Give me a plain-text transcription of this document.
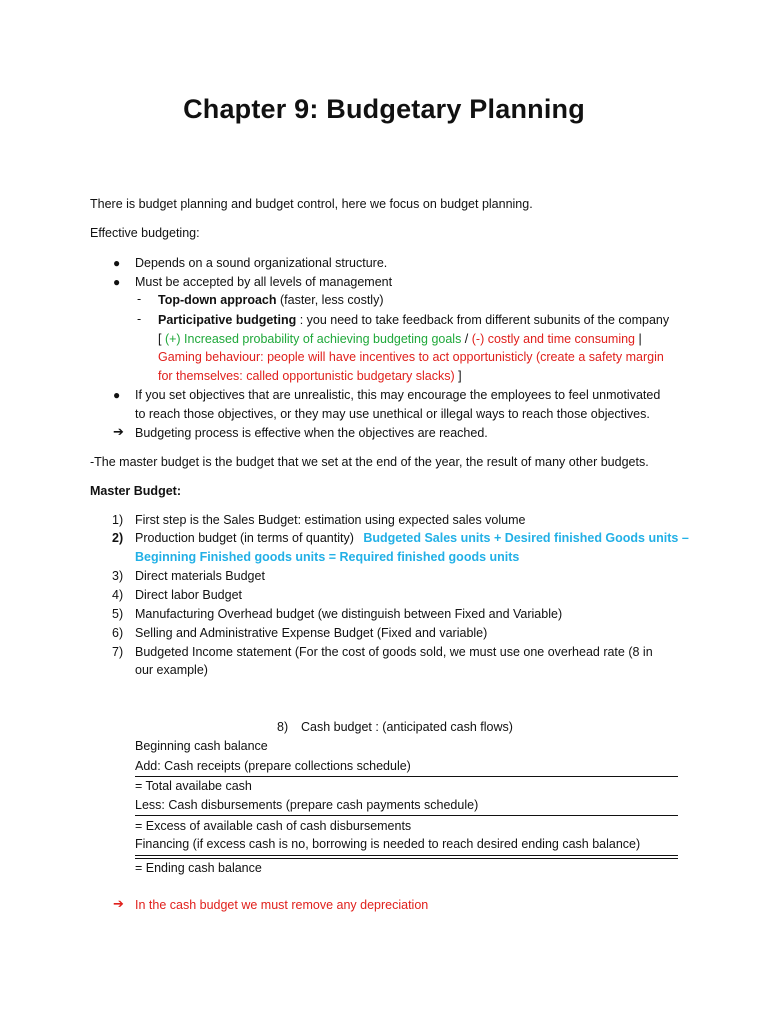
Chapter 9: Budgetary Planning
There is budget planning and budget control, here we focus on budget planning.
Effective budgeting:
● Depends on a sound organizational structure.
● Must be accepted by all levels of management
- Top-down approach (faster, less costly)
- Participative budgeting : you need to take feedback from different subunits of the company
[ (+) Increased probability of achieving budgeting goals / (-) costly and time consuming |
Gaming behaviour: people will have incentives to act opportunisticly (create a safety margin
for themselves: called opportunistic budgetary slacks) ]
● If you set objectives that are unrealistic, this may encourage the employees to feel unmotivated
to reach those objectives, or they may use unethical or illegal ways to reach those objectives.
➔ Budgeting process is effective when the objectives are reached.
-The master budget is the budget that we set at the end of the year, the result of many other budgets.
Master Budget:
1) First step is the Sales Budget: estimation using expected sales volume
2) Production budget (in terms of quantity) Budgeted Sales units + Desired finished Goods units –
Beginning Finished goods units = Required finished goods units
3) Direct materials Budget
4) Direct labor Budget
5) Manufacturing Overhead budget (we distinguish between Fixed and Variable)
6) Selling and Administrative Expense Budget (Fixed and variable)
7) Budgeted Income statement (For the cost of goods sold, we must use one overhead rate (8 in
our example)
8) Cash budget : (anticipated cash flows)
Beginning cash balance
Add: Cash receipts (prepare collections schedule)
= Total availabe cash
Less: Cash disbursements (prepare cash payments schedule)
= Excess of available cash of cash disbursements
Financing (if excess cash is no, borrowing is needed to reach desired ending cash balance)
= Ending cash balance
➔ In the cash budget we must remove any depreciation
